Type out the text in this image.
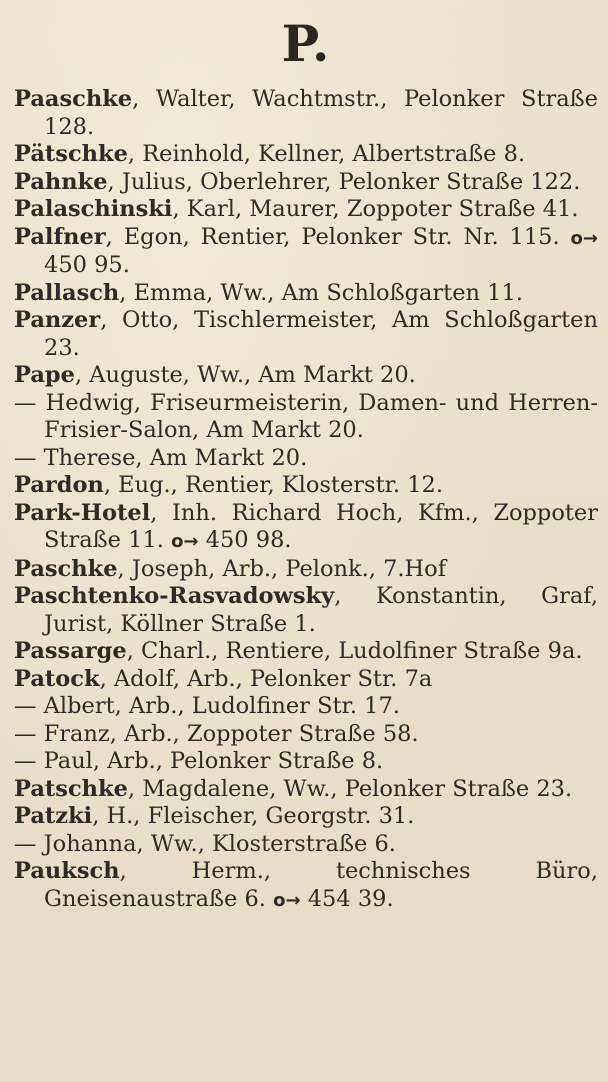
P.

Paaschke, Walter, Wachtmstr., Pelonker Straße 128.

Pätschke, Reinhold, Kellner, Albertstraße 8.

Pahnke, Julius, Oberlehrer, Pelonker Straße 122.

Palaschinski, Karl, Maurer, Zoppoter Straße 41.

Palfner, Egon, Rentier, Pelonker Str. Nr. 115. o→ 450 95.

Pallasch, Emma, Ww., Am Schloßgarten 11.

Panzer, Otto, Tischlermeister, Am Schloßgarten 23.

Pape, Auguste, Ww., Am Markt 20.

— Hedwig, Friseurmeisterin, Damen- und Herren-Frisier-Salon, Am Markt 20.

— Therese, Am Markt 20.

Pardon, Eug., Rentier, Klosterstr. 12.

Park-Hotel, Inh. Richard Hoch, Kfm., Zoppoter Straße 11. o→ 450 98.

Paschke, Joseph, Arb., Pelonk., 7.Hof

Paschtenko-Rasvadowsky, Konstantin, Graf, Jurist, Köllner Straße 1.

Passarge, Charl., Rentiere, Ludolfiner Straße 9a.

Patock, Adolf, Arb., Pelonker Str. 7a

— Albert, Arb., Ludolfiner Str. 17.

— Franz, Arb., Zoppoter Straße 58.

— Paul, Arb., Pelonker Straße 8.

Patschke, Magdalene, Ww., Pelonker Straße 23.

Patzki, H., Fleischer, Georgstr. 31.

— Johanna, Ww., Klosterstraße 6.

Pauksch, Herm., technisches Büro, Gneisenaustraße 6. o→ 454 39.
